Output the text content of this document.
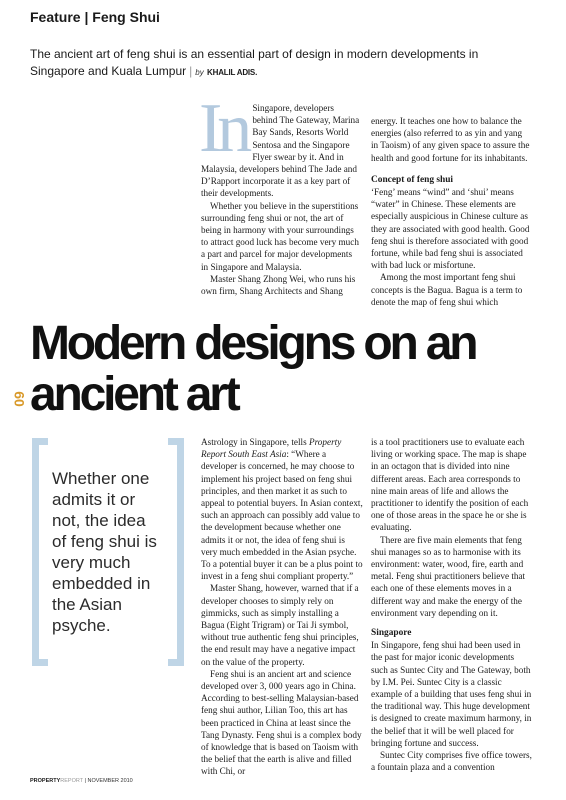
Feature | Feng Shui
The ancient art of feng shui is an essential part of design in modern developments in Singapore and Kuala Lumpur | by KHALIL ADIS.
In Singapore, developers behind The Gateway, Marina Bay Sands, Resorts World Sentosa and the Singapore Flyer swear by it. And in Malaysia, developers behind The Jade and D’Rapport incorporate it as a key part of their developments.

Whether you believe in the superstitions surrounding feng shui or not, the art of being in harmony with your surroundings to attract good luck has become very much a part and parcel for major developments in Singapore and Malaysia.

Master Shang Zhong Wei, who runs his own firm, Shang Architects and Shang

energy. It teaches one how to balance the energies (also referred to as yin and yang in Taoism) of any given space to assure the health and good fortune for its inhabitants.

Concept of feng shui

‘Feng’ means “wind” and ‘shui’ means “water” in Chinese. These elements are especially auspicious in Chinese culture as they are associated with good health. Good feng shui is therefore associated with good fortune, while bad feng shui is associated with bad luck or misfortune.

Among the most important feng shui concepts is the Bagua. Bagua is a term to denote the map of feng shui which

Modern designs on an
ancient art
60
Whether one admits it or not, the idea of feng shui is very much embedded in the Asian psyche.

Astrology in Singapore, tells Property Report South East Asia: “Where a developer is concerned, he may choose to implement his project based on feng shui principles, and then market it as such to appeal to potential buyers. In Asian context, such an approach can possibly add value to the development because whether one admits it or not, the idea of feng shui is very much embedded in the Asian psyche. To a potential buyer it can be a plus point to invest in a feng shui compliant property.”

Master Shang, however, warned that if a developer chooses to simply rely on gimmicks, such as simply installing a Bagua (Eight Trigram) or Tai Ji symbol, without true authentic feng shui principles, the end result may have a negative impact on the value of the property.

Feng shui is an ancient art and science developed over 3, 000 years ago in China. According to best-selling Malaysian-based feng shui author, Lilian Too, this art has been practiced in China at least since the Tang Dynasty. Feng shui is a complex body of knowledge that is based on Taoism with the belief that the earth is alive and filled with Chi, or

is a tool practitioners use to evaluate each living or working space. The map is shape in an octagon that is divided into nine different areas. Each area corresponds to nine main areas of life and allows the practitioner to identify the position of each one of those areas in the space he or she is evaluating.

There are five main elements that feng shui manages so as to harmonise with its environment: water, wood, fire, earth and metal. Feng shui practitioners believe that each one of these elements moves in a different way and make the energy of the environment vary depending on it.

Singapore

In Singapore, feng shui had been used in the past for major iconic developments such as Suntec City and The Gateway, both by I.M. Pei. Suntec City is a classic example of a building that uses feng shui in the traditional way. This huge development is designed to create maximum harmony, in the belief that it will be well placed for bringing fortune and success.

Suntec City comprises five office towers, a fountain plaza and a convention

PROPERTYREPORT | NOVEMBER 2010
